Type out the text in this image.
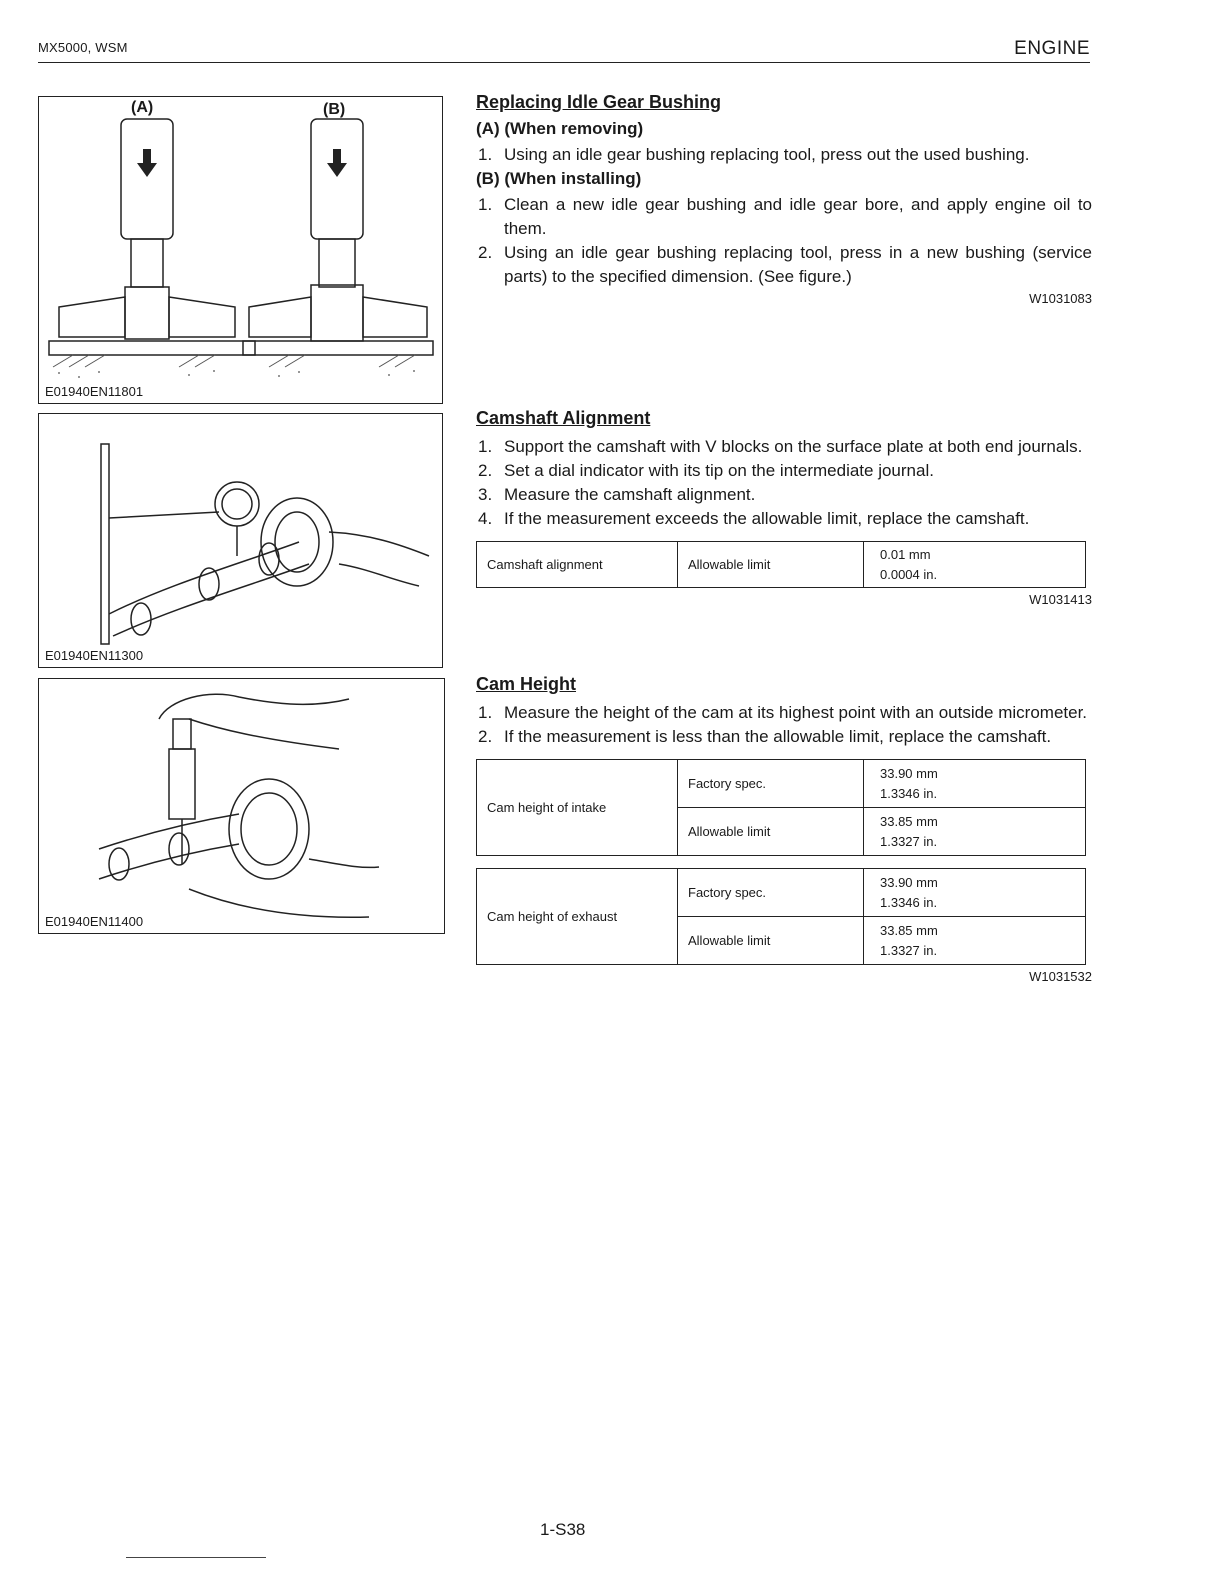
MX5000, WSM	ENGINE
(A)	(B)
E01940EN11801
E01940EN11300
E01940EN11400
Replacing Idle Gear Bushing
(A) (When removing)
1. Using an idle gear bushing replacing tool, press out the used bushing.
(B) (When installing)
1. Clean a new idle gear bushing and idle gear bore, and apply engine oil to them.
2. Using an idle gear bushing replacing tool, press in a new bushing (service parts) to the specified dimension. (See figure.)
W1031083
Camshaft Alignment
1. Support the camshaft with V blocks on the surface plate at both end journals.
2. Set a dial indicator with its tip on the intermediate journal.
3. Measure the camshaft alignment.
4. If the measurement exceeds the allowable limit, replace the camshaft.
Camshaft alignment	Allowable limit	
0.01 mm
0.0004 in.
W1031413
Cam Height
1. Measure the height of the cam at its highest point with an outside micrometer.
2. If the measurement is less than the allowable limit, replace the camshaft.
Cam height of intake	Factory spec.	33.90 mm
1.3346 in.

	Allowable limit	33.85 mm
1.3327 in.
Cam height of exhaust	Factory spec.	33.90 mm
1.3346 in.

	Allowable limit	33.85 mm
1.3327 in.
W1031532
1-S38
